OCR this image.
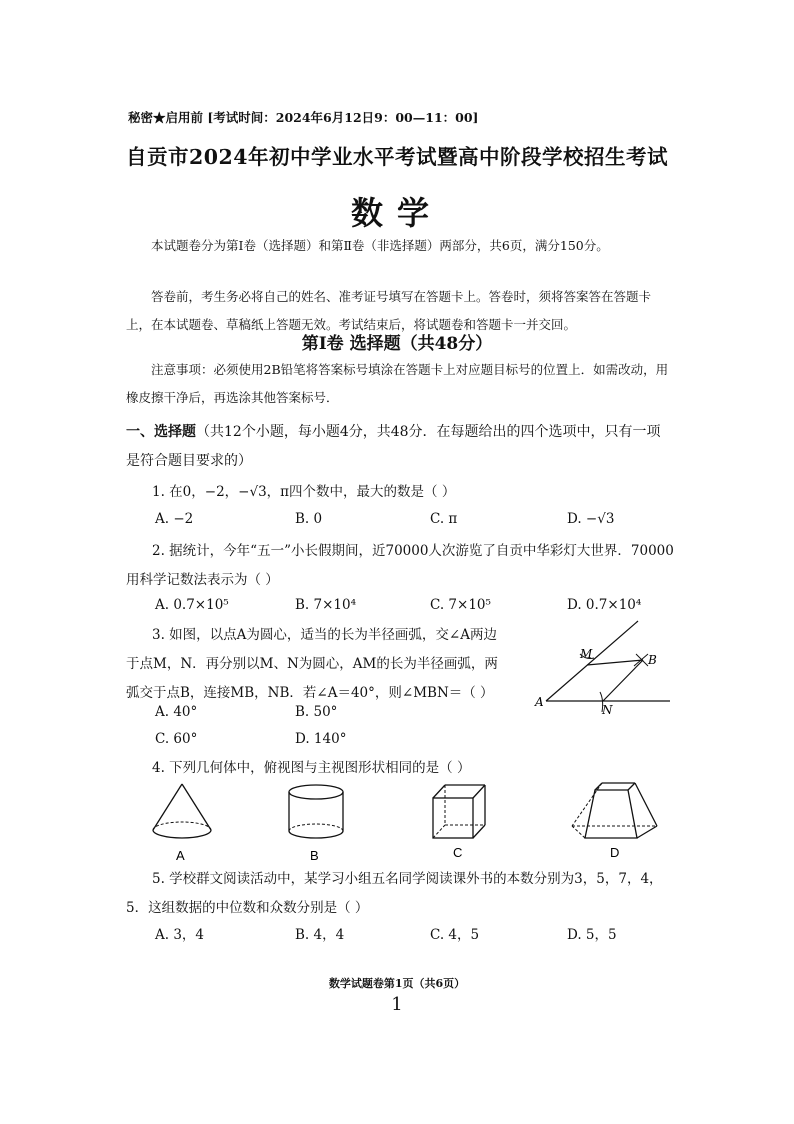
秘密★启用前 [考试时间：2024年6月12日9：00—11：00]
自贡市2024年初中学业水平考试暨高中阶段学校招生考试
数学
本试题卷分为第Ⅰ卷（选择题）和第Ⅱ卷（非选择题）两部分，共6页，满分150分。
答卷前，考生务必将自己的姓名、准考证号填写在答题卡上。答卷时，须将答案答在答题卡上，在本试题卷、草稿纸上答题无效。考试结束后，将试题卷和答题卡一并交回。
第Ⅰ卷 选择题（共48分）
注意事项：必须使用2B铅笔将答案标号填涂在答题卡上对应题目标号的位置上．如需改动，用橡皮擦干净后，再选涂其他答案标号．
一、选择题（共12个小题，每小题4分，共48分．在每题给出的四个选项中，只有一项是符合题目要求的）
1. 在0，−2，−√3，π四个数中，最大的数是（ ）
A. −2	B. 0	C. π	D. −√3
2. 据统计，今年“五一”小长假期间，近70000人次游览了自贡中华彩灯大世界．70000用科学记数法表示为（ ）
A. 0.7×10⁵	B. 7×10⁴	C. 7×10⁵	D. 0.7×10⁴
3. 如图，以点A为圆心，适当的长为半径画弧，交∠A两边于点M，N．再分别以M、N为圆心，AM的长为半径画弧，两弧交于点B，连接MB，NB．若∠A＝40°，则∠MBN＝（ ）
A. 40°	B. 50°
C. 60°	D. 140°
M	B
A
N
4. 下列几何体中，俯视图与主视图形状相同的是（ ）
A	B	C	D
5. 学校群文阅读活动中，某学习小组五名同学阅读课外书的本数分别为3，5，7，4，5．这组数据的中位数和众数分别是（ ）
A. 3，4	B. 4，4	C. 4，5	D. 5，5
数学试题卷第1页（共6页）
1
